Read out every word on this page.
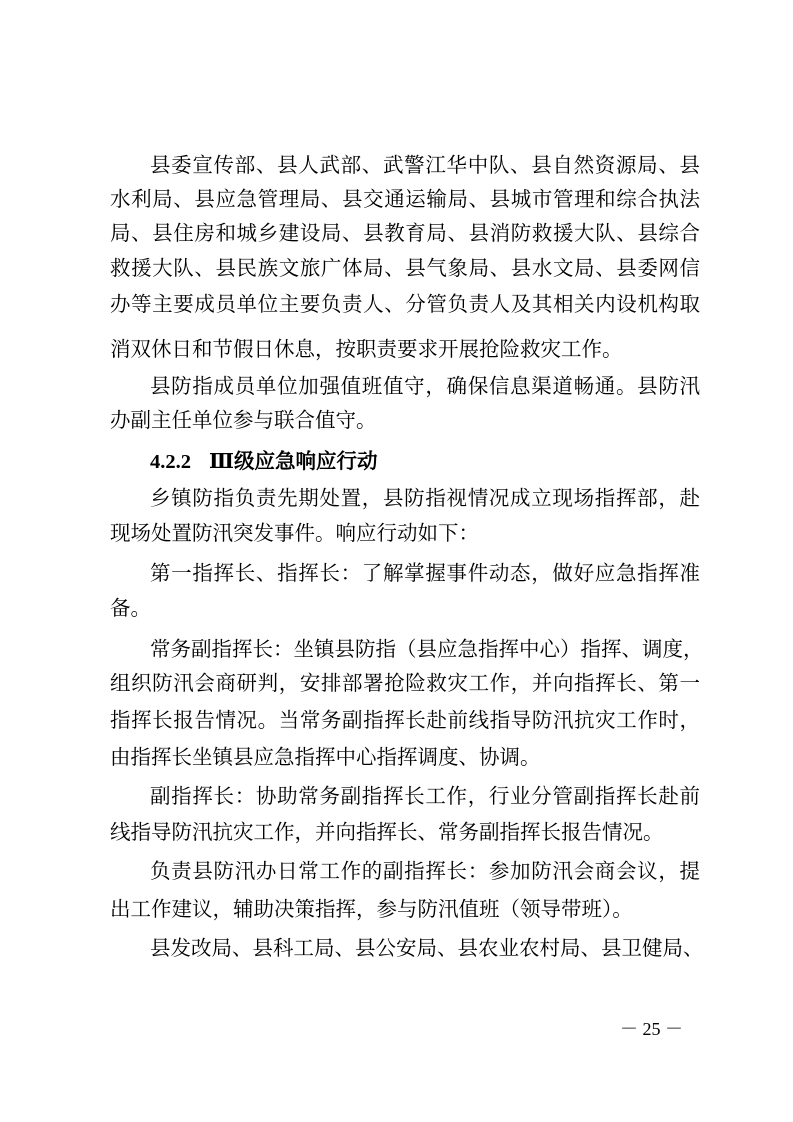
县委宣传部、县人武部、武警江华中队、县自然资源局、县
水利局、县应急管理局、县交通运输局、县城市管理和综合执法
局、县住房和城乡建设局、县教育局、县消防救援大队、县综合
救援大队、县民族文旅广体局、县气象局、县水文局、县委网信
办等主要成员单位主要负责人、分管负责人及其相关内设机构取
消双休日和节假日休息，按职责要求开展抢险救灾工作。
县防指成员单位加强值班值守，确保信息渠道畅通。县防汛
办副主任单位参与联合值守。
4.2.2 Ⅲ级应急响应行动
乡镇防指负责先期处置，县防指视情况成立现场指挥部，赴
现场处置防汛突发事件。响应行动如下：
第一指挥长、指挥长：了解掌握事件动态，做好应急指挥准
备。
常务副指挥长：坐镇县防指（县应急指挥中心）指挥、调度，
组织防汛会商研判，安排部署抢险救灾工作，并向指挥长、第一
指挥长报告情况。当常务副指挥长赴前线指导防汛抗灾工作时，
由指挥长坐镇县应急指挥中心指挥调度、协调。
副指挥长：协助常务副指挥长工作，行业分管副指挥长赴前
线指导防汛抗灾工作，并向指挥长、常务副指挥长报告情况。
负责县防汛办日常工作的副指挥长：参加防汛会商会议，提
出工作建议，辅助决策指挥，参与防汛值班（领导带班）。
县发改局、县科工局、县公安局、县农业农村局、县卫健局、
－ 25 －
